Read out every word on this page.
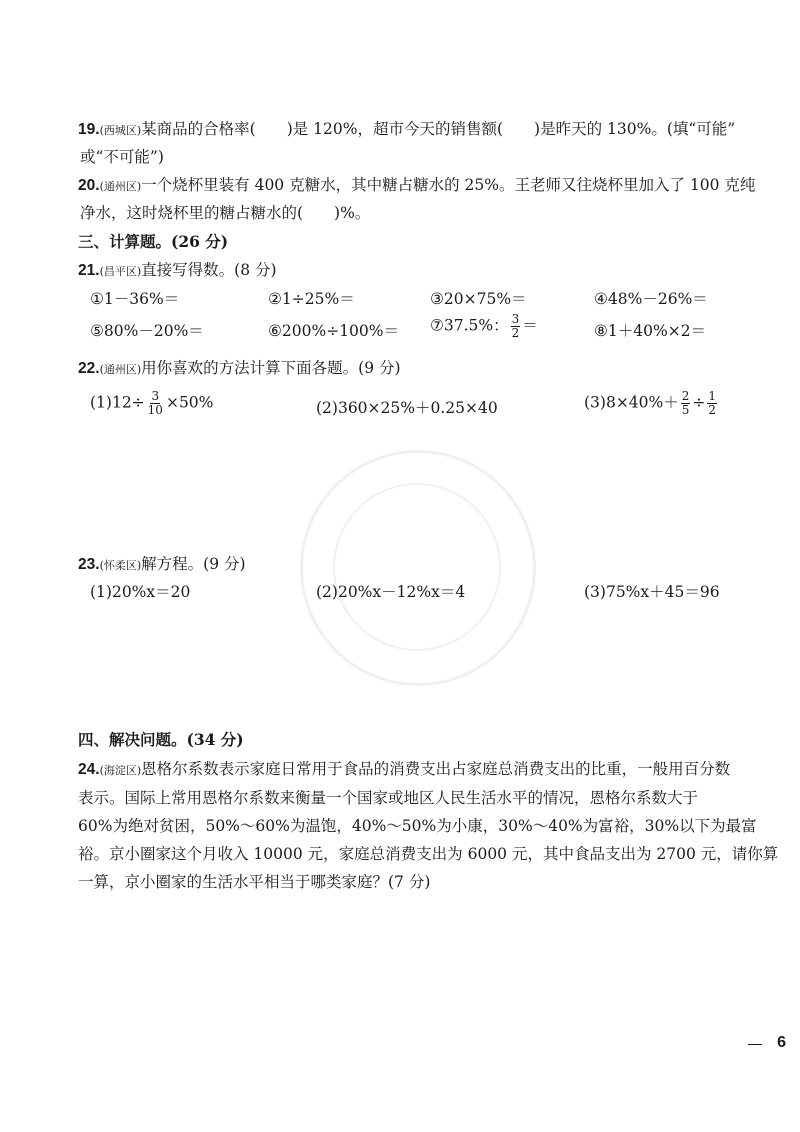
19.(西城区)某商品的合格率(　　)是 120%，超市今天的销售额(　　)是昨天的 130%。(填“可能”
或“不可能”)
20.(通州区)一个烧杯里装有 400 克糖水，其中糖占糖水的 25%。王老师又往烧杯里加入了 100 克纯
净水，这时烧杯里的糖占糖水的(　　)%。
三、计算题。(26 分)
21.(昌平区)直接写得数。(8 分)
①1－36%＝	②1÷25%＝	③20×75%＝	④48%－26%＝
⑤80%－20%＝	⑥200%÷100%＝ ⑦37.5%： $\frac{3}{2}$ ＝	⑧1＋40%×2＝
22.(通州区)用你喜欢的方法计算下面各题。(9 分)
$(1)12\div \frac{3}{10} \times 50\%$	(2)360×25%＋0.25×40	$(3)8\times 40\%+ \frac{2}{5} \div \frac{1}{2}$
23.(怀柔区)解方程。(9 分)
(1)20%x＝20	(2)20%x－12%x＝4	(3)75%x＋45＝96
四、解决问题。(34 分)
24.(海淀区)恩格尔系数表示家庭日常用于食品的消费支出占家庭总消费支出的比重，一般用百分数
表示。国际上常用恩格尔系数来衡量一个国家或地区人民生活水平的情况，恩格尔系数大于
60%为绝对贫困，50%～60%为温饱，40%～50%为小康，30%～40%为富裕，30%以下为最富
裕。京小圈家这个月收入 10000 元，家庭总消费支出为 6000 元，其中食品支出为 2700 元，请你算
一算，京小圈家的生活水平相当于哪类家庭？(7 分)
6
